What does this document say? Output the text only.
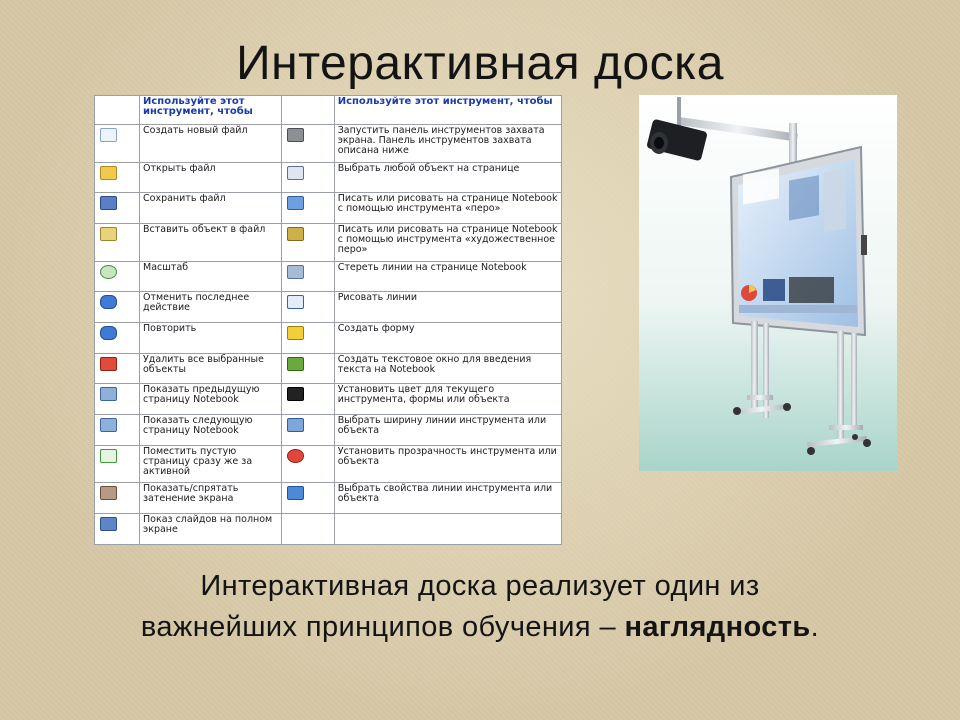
Интерактивная доска
	Используйте этот инструмент, чтобы		Используйте этот инструмент, чтобы

	Создать новый файл		Запустить панель инструментов захвата экрана. Панель инструментов захвата описана ниже

	Открыть файл		Выбрать любой объект на странице

	Сохранить файл		Писать или рисовать на странице Notebook с помощью инструмента «перо»

	Вставить объект в файл		Писать или рисовать на странице Notebook с помощью инструмента «художественное перо»

	Масштаб		Стереть линии на странице Notebook

	Отменить последнее действие		Рисовать линии

	Повторить		Создать форму

	Удалить все выбранные объекты		Создать текстовое окно для введения текста на Notebook

	Показать предыдущую страницу Notebook		Установить цвет для текущего инструмента, формы или объекта

	Показать следующую страницу Notebook		Выбрать ширину линии инструмента или объекта

	Поместить пустую страницу сразу же за активной		Установить прозрачность инструмента или объекта

	Показать/спрятать затенение экрана		Выбрать свойства линии инструмента или объекта

	Показ слайдов на полном экране		

Интерактивная доска реализует один из
важнейших принципов обучения – наглядность.
